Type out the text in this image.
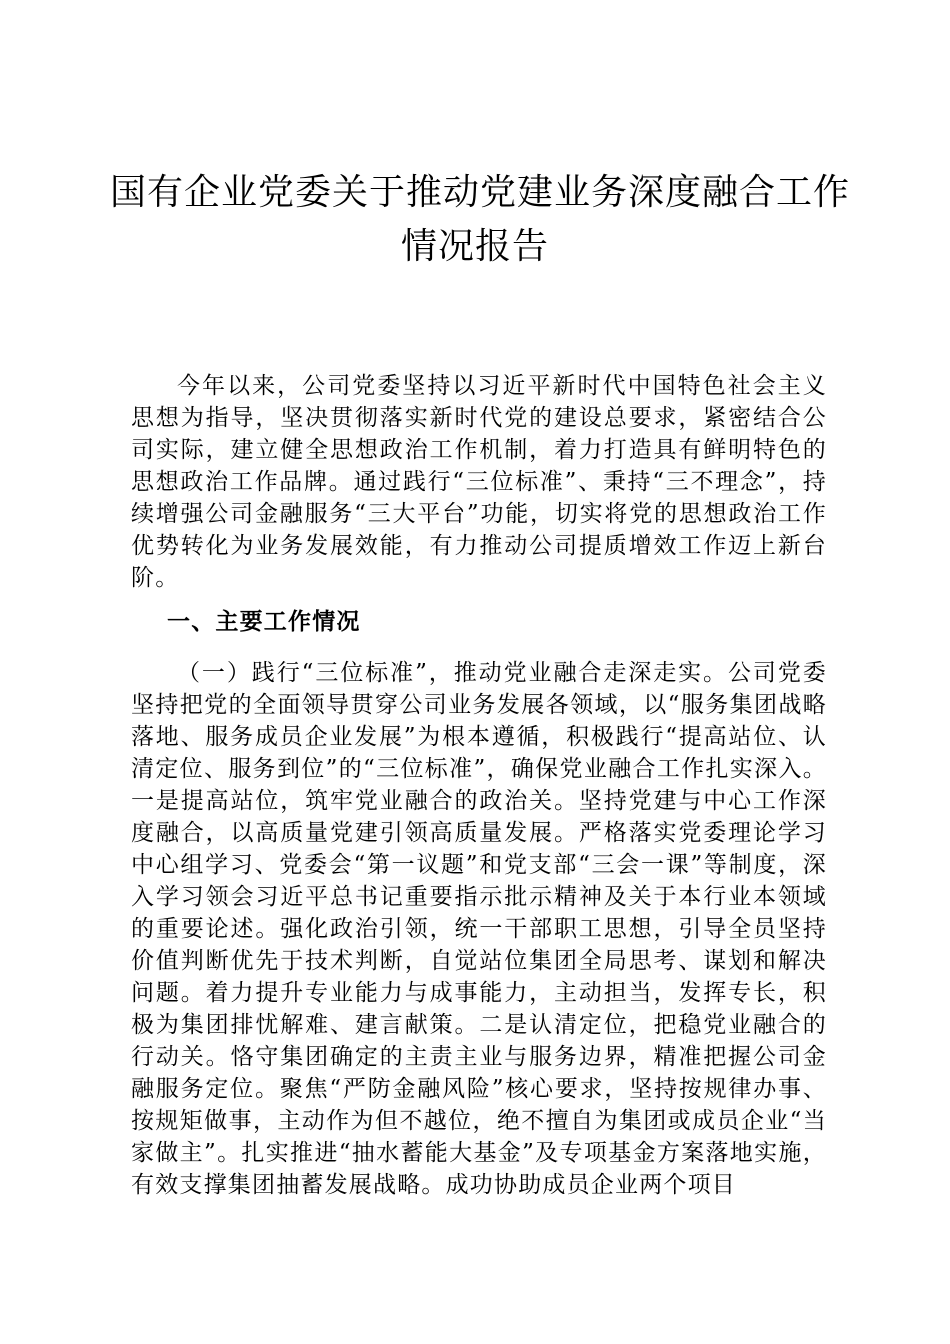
国有企业党委关于推动党建业务深度融合工作
情况报告

今年以来，公司党委坚持以习近平新时代中国特色社会主义思想为指导，坚决贯彻落实新时代党的建设总要求，紧密结合公司实际，建立健全思想政治工作机制，着力打造具有鲜明特色的思想政治工作品牌。通过践行“三位标准”、秉持“三不理念”，持续增强公司金融服务“三大平台”功能，切实将党的思想政治工作优势转化为业务发展效能，有力推动公司提质增效工作迈上新台阶。

一、主要工作情况

（一）践行“三位标准”，推动党业融合走深走实。公司党委坚持把党的全面领导贯穿公司业务发展各领域，以“服务集团战略落地、服务成员企业发展”为根本遵循，积极践行“提高站位、认清定位、服务到位”的“三位标准”，确保党业融合工作扎实深入。一是提高站位，筑牢党业融合的政治关。坚持党建与中心工作深度融合，以高质量党建引领高质量发展。严格落实党委理论学习中心组学习、党委会“第一议题”和党支部“三会一课”等制度，深入学习领会习近平总书记重要指示批示精神及关于本行业本领域的重要论述。强化政治引领，统一干部职工思想，引导全员坚持价值判断优先于技术判断，自觉站位集团全局思考、谋划和解决问题。着力提升专业能力与成事能力，主动担当，发挥专长，积极为集团排忧解难、建言献策。二是认清定位，把稳党业融合的行动关。恪守集团确定的主责主业与服务边界，精准把握公司金融服务定位。聚焦“严防金融风险”核心要求，坚持按规律办事、按规矩做事，主动作为但不越位，绝不擅自为集团或成员企业“当家做主”。扎实推进“抽水蓄能大基金”及专项基金方案落地实施，有效支撑集团抽蓄发展战略。成功协助成员企业两个项目
